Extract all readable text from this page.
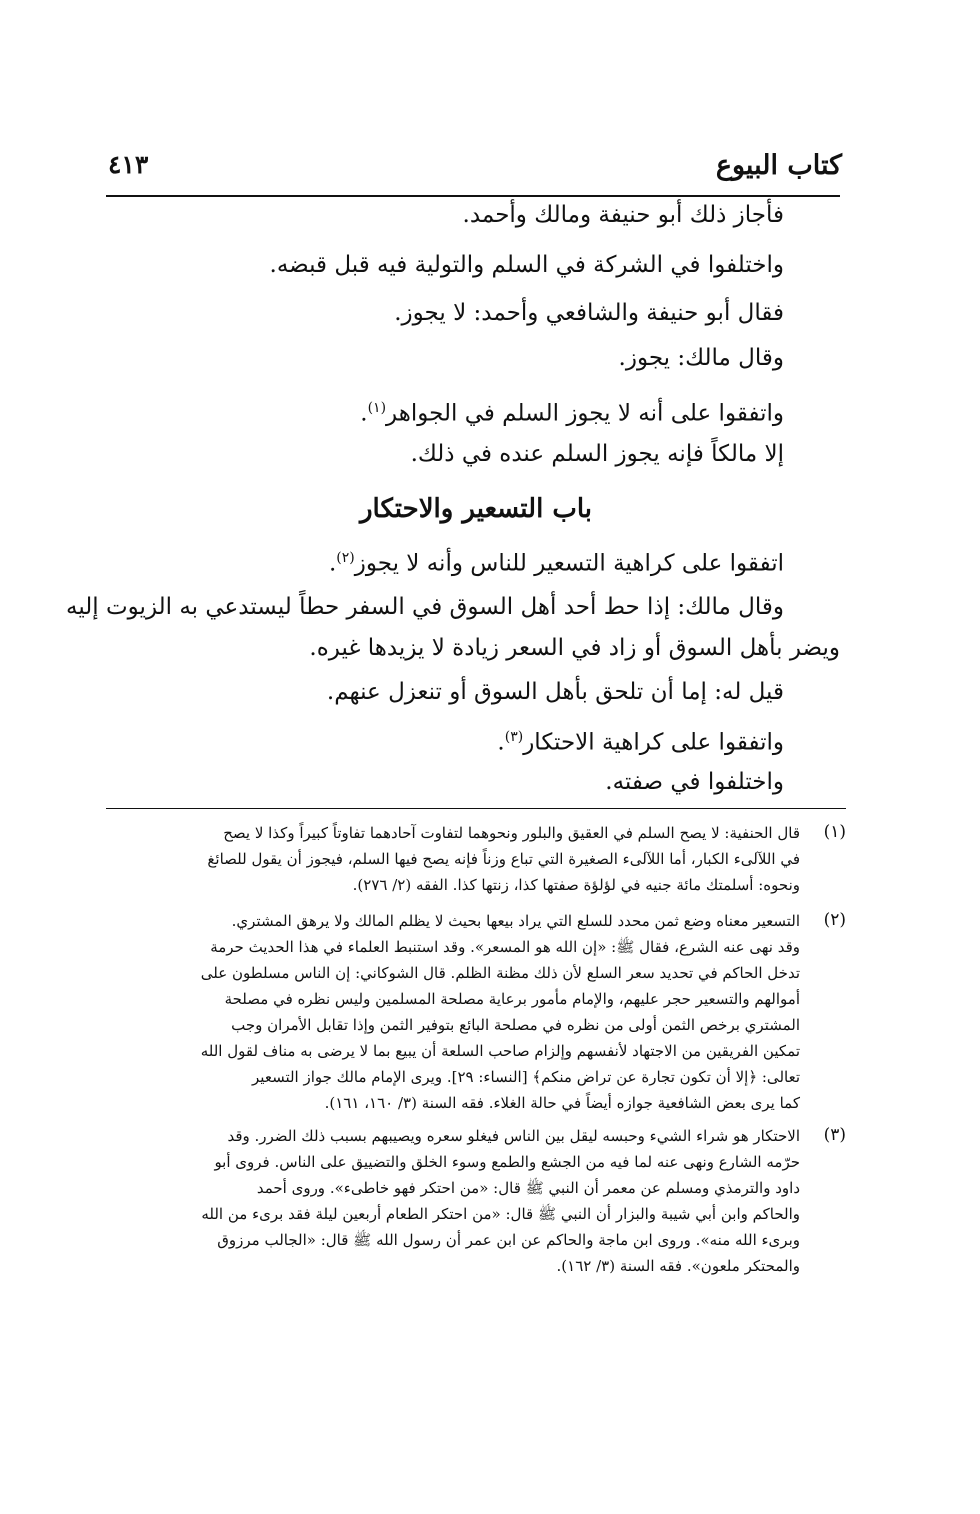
كتاب البيوع
٤١٣
فأجاز ذلك أبو حنيفة ومالك وأحمد.
واختلفوا في الشركة في السلم والتولية فيه قبل قبضه.
فقال أبو حنيفة والشافعي وأحمد: لا يجوز.
وقال مالك: يجوز.
واتفقوا على أنه لا يجوز السلم في الجواهر$^{(١)}$.
إلا مالكاً فإنه يجوز السلم عنده في ذلك.
باب التسعير والاحتكار
اتفقوا على كراهية التسعير للناس وأنه لا يجوز$^{(٢)}$.
وقال مالك: إذا حط أحد أهل السوق في السفر حطاً ليستدعي به الزيوت إليه
ويضر بأهل السوق أو زاد في السعر زيادة لا يزيدها غيره.
قيل له: إما أن تلحق بأهل السوق أو تنعزل عنهم.
واتفقوا على كراهية الاحتكار$^{(٣)}$.
واختلفوا في صفته.
(١)
قال الحنفية: لا يصح السلم في العقيق والبلور ونحوهما لتفاوت آحادهما تفاوتاً كبيراً وكذا لا يصح
في اللآلىء الكبار، أما اللآلىء الصغيرة التي تباع وزناً فإنه يصح فيها السلم، فيجوز أن يقول للصائغ
ونحوه: أسلمتك مائة جنيه في لؤلؤة صفتها كذا، زنتها كذا. الفقه (٢/ ٢٧٦).
(٢)
التسعير معناه وضع ثمن محدد للسلع التي يراد بيعها بحيث لا يظلم المالك ولا يرهق المشتري.
وقد نهى عنه الشرع، فقال ﷺ: «إن الله هو المسعر». وقد استنبط العلماء في هذا الحديث حرمة
تدخل الحاكم في تحديد سعر السلع لأن ذلك مظنة الظلم. قال الشوكاني: إن الناس مسلطون على
أموالهم والتسعير حجر عليهم، والإمام مأمور برعاية مصلحة المسلمين وليس نظره في مصلحة
المشتري برخص الثمن أولى من نظره في مصلحة البائع بتوفير الثمن وإذا تقابل الأمران وجب
تمكين الفريقين من الاجتهاد لأنفسهم وإلزام صاحب السلعة أن يبيع بما لا يرضى به مناف لقول الله
تعالى: ﴿إلا أن تكون تجارة عن تراض منكم﴾ [النساء: ٢٩]. ويرى الإمام مالك جواز التسعير
كما يرى بعض الشافعية جوازه أيضاً في حالة الغلاء. فقه السنة (٣/ ١٦٠، ١٦١).
(٣)
الاحتكار هو شراء الشيء وحبسه ليقل بين الناس فيغلو سعره ويصيبهم بسبب ذلك الضرر. وقد
حرّمه الشارع ونهى عنه لما فيه من الجشع والطمع وسوء الخلق والتضييق على الناس. فروى أبو
داود والترمذي ومسلم عن معمر أن النبي ﷺ قال: «من احتكر فهو خاطىء». وروى أحمد
والحاكم وابن أبي شيبة والبزار أن النبي ﷺ قال: «من احتكر الطعام أربعين ليلة فقد برىء من الله
وبرىء الله منه». وروى ابن ماجة والحاكم عن ابن عمر أن رسول الله ﷺ قال: «الجالب مرزوق
والمحتكر ملعون». فقه السنة (٣/ ١٦٢).
